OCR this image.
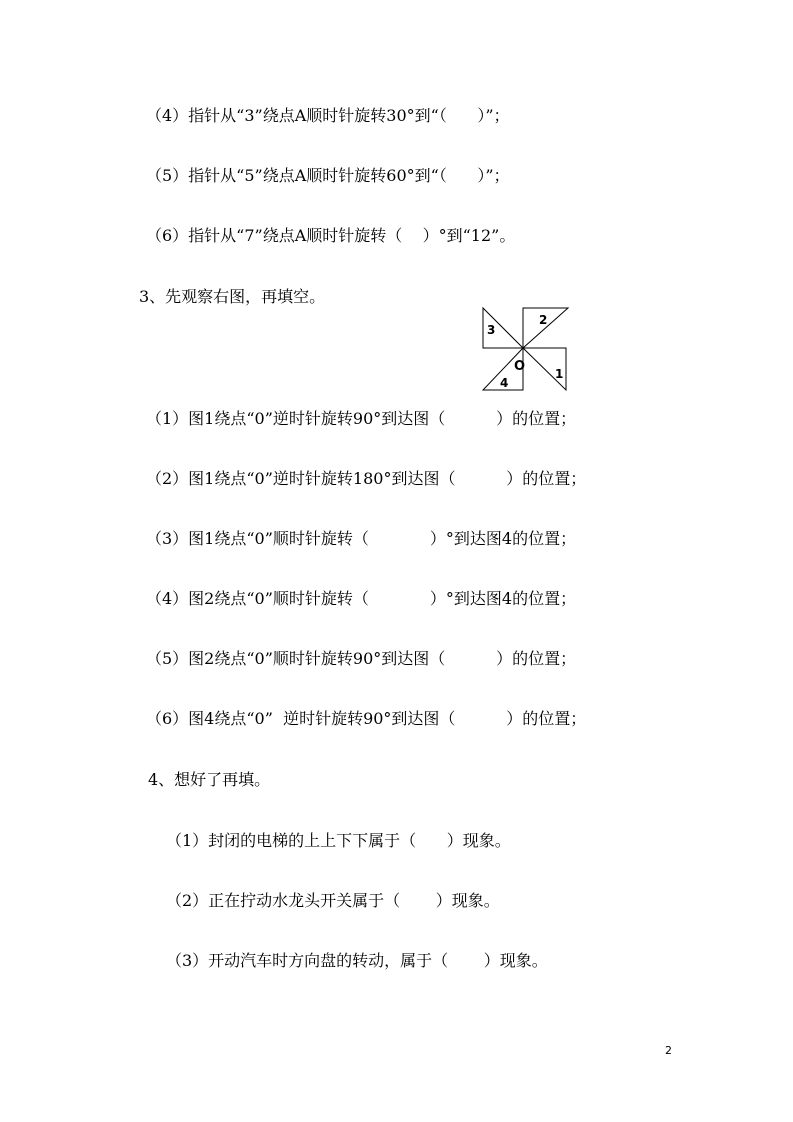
（4）指针从“3”绕点A顺时针旋转30°到“（      ）”；
（5）指针从“5”绕点A顺时针旋转60°到“（      ）”；
（6）指针从“7”绕点A顺时针旋转（    ）°到“12”。
3、先观察右图，再填空。
3
2
O
4
1
（1）图1绕点“0”逆时针旋转90°到达图（          ）的位置；
（2）图1绕点“0”逆时针旋转180°到达图（          ）的位置；
（3）图1绕点“0”顺时针旋转（            ）°到达图4的位置；
（4）图2绕点“0”顺时针旋转（            ）°到达图4的位置；
（5）图2绕点“0”顺时针旋转90°到达图（          ）的位置；
（6）图4绕点“0”  逆时针旋转90°到达图（          ）的位置；
4、想好了再填。
（1）封闭的电梯的上上下下属于（      ）现象。
（2）正在拧动水龙头开关属于（       ）现象。
（3）开动汽车时方向盘的转动，属于（       ）现象。
2
